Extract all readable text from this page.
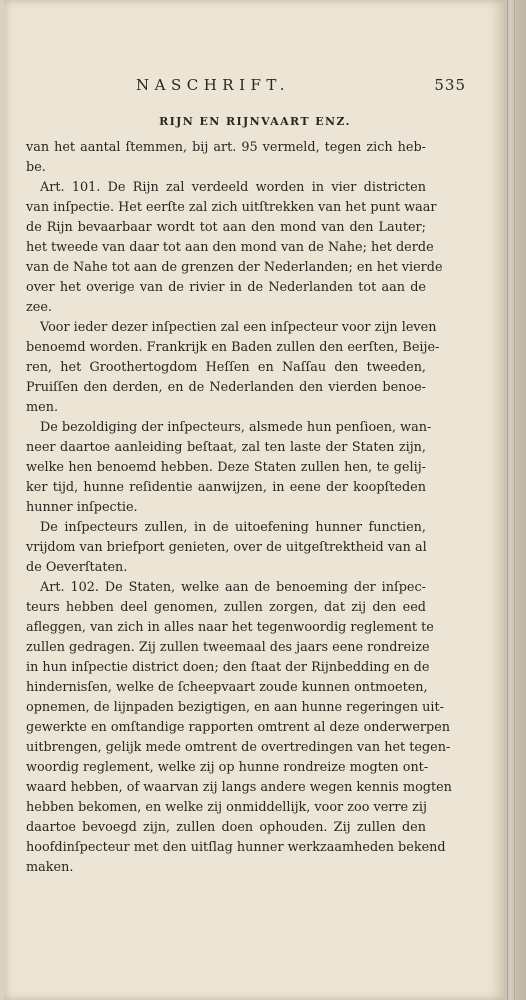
NASCHRIFT.	535
RIJN EN RIJNVAART ENZ.
van het aantal ſtemmen, bij art. 95 vermeld, tegen zich heb-
be.
Art. 101. De Rijn zal verdeeld worden in vier districten
van inſpectie. Het eerſte zal zich uitſtrekken van het punt waar
de Rijn bevaarbaar wordt tot aan den mond van den Lauter;
het tweede van daar tot aan den mond van de Nahe; het derde
van de Nahe tot aan de grenzen der Nederlanden; en het vierde
over het overige van de rivier in de Nederlanden tot aan de
zee.
Voor ieder dezer inſpectien zal een inſpecteur voor zijn leven
benoemd worden. Frankrijk en Baden zullen den eerſten, Beije-
ren, het Groothertogdom Heſſen en Naſſau den tweeden,
Pruiſſen den derden, en de Nederlanden den vierden benoe-
men.
De bezoldiging der inſpecteurs, alsmede hun penſioen, wan-
neer daartoe aanleiding beſtaat, zal ten laste der Staten zijn,
welke hen benoemd hebben. Deze Staten zullen hen, te gelij-
ker tijd, hunne reſidentie aanwijzen, in eene der koopſteden
hunner inſpectie.
De inſpecteurs zullen, in de uitoefening hunner functien,
vrijdom van briefport genieten, over de uitgeſtrektheid van al
de Oeverſtaten.
Art. 102. De Staten, welke aan de benoeming der inſpec-
teurs hebben deel genomen, zullen zorgen, dat zij den eed
afleggen, van zich in alles naar het tegenwoordig reglement te
zullen gedragen. Zij zullen tweemaal des jaars eene rondreize
in hun inſpectie district doen; den ſtaat der Rijnbedding en de
hindernisſen, welke de ſcheepvaart zoude kunnen ontmoeten,
opnemen, de lijnpaden bezigtigen, en aan hunne regeringen uit-
gewerkte en omſtandige rapporten omtrent al deze onderwerpen
uitbrengen, gelijk mede omtrent de overtredingen van het tegen-
woordig reglement, welke zij op hunne rondreize mogten ont-
waard hebben, of waarvan zij langs andere wegen kennis mogten
hebben bekomen, en welke zij onmiddellijk, voor zoo verre zij
daartoe bevoegd zijn, zullen doen ophouden. Zij zullen den
hoofdinſpecteur met den uitſlag hunner werkzaamheden bekend
maken.
